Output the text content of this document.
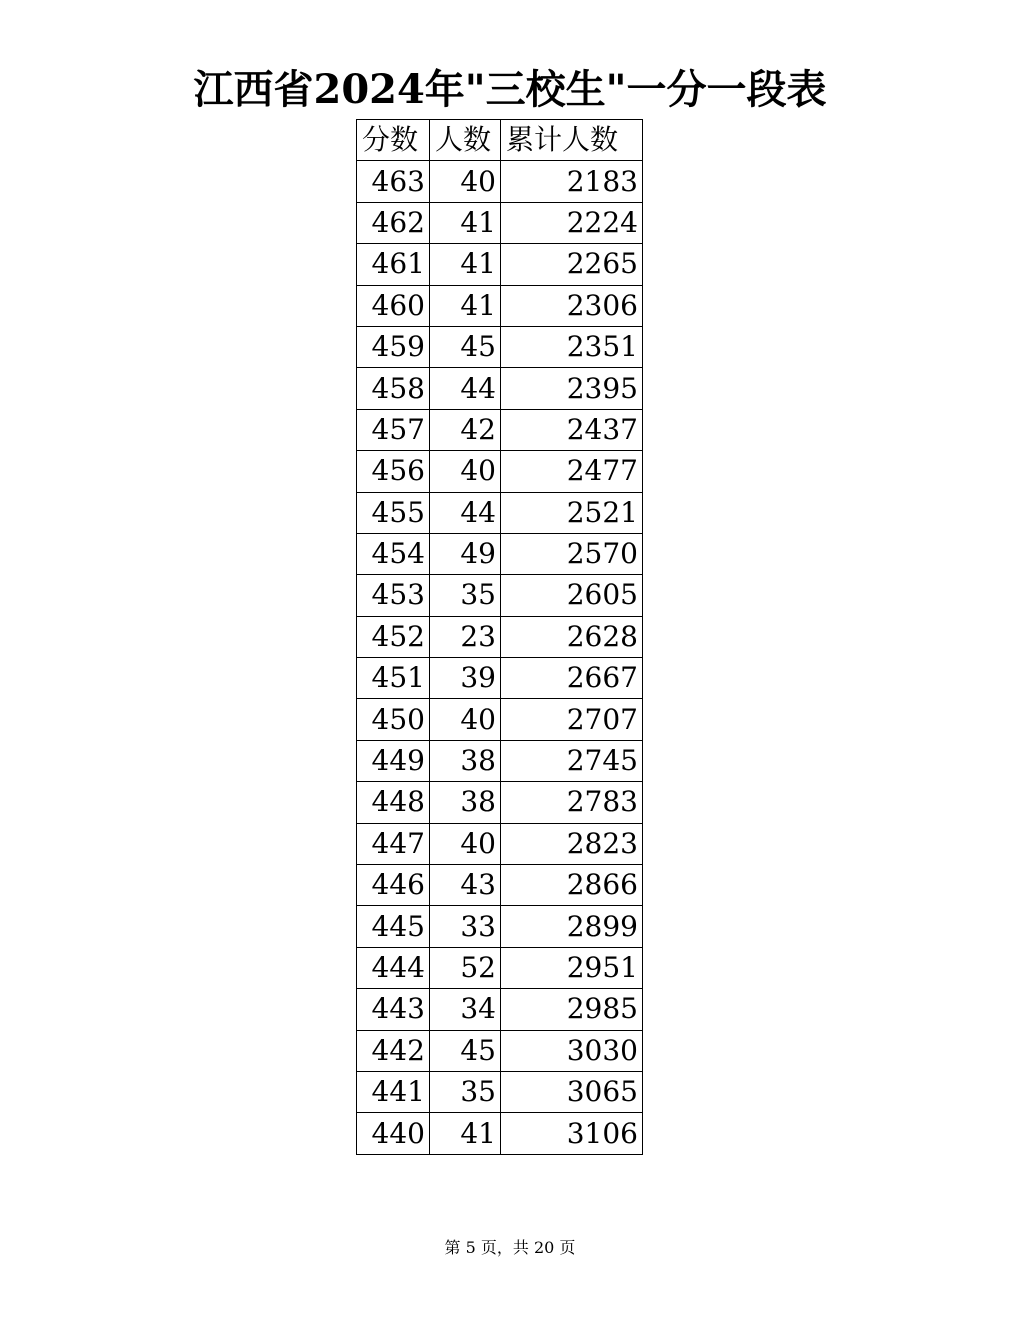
江西省2024年"三校生"一分一段表
分数	人数	累计人数
463	40	2183
462	41	2224
461	41	2265
460	41	2306
459	45	2351
458	44	2395
457	42	2437
456	40	2477
455	44	2521
454	49	2570
453	35	2605
452	23	2628
451	39	2667
450	40	2707
449	38	2745
448	38	2783
447	40	2823
446	43	2866
445	33	2899
444	52	2951
443	34	2985
442	45	3030
441	35	3065
440	41	3106
第 5 页，共 20 页
